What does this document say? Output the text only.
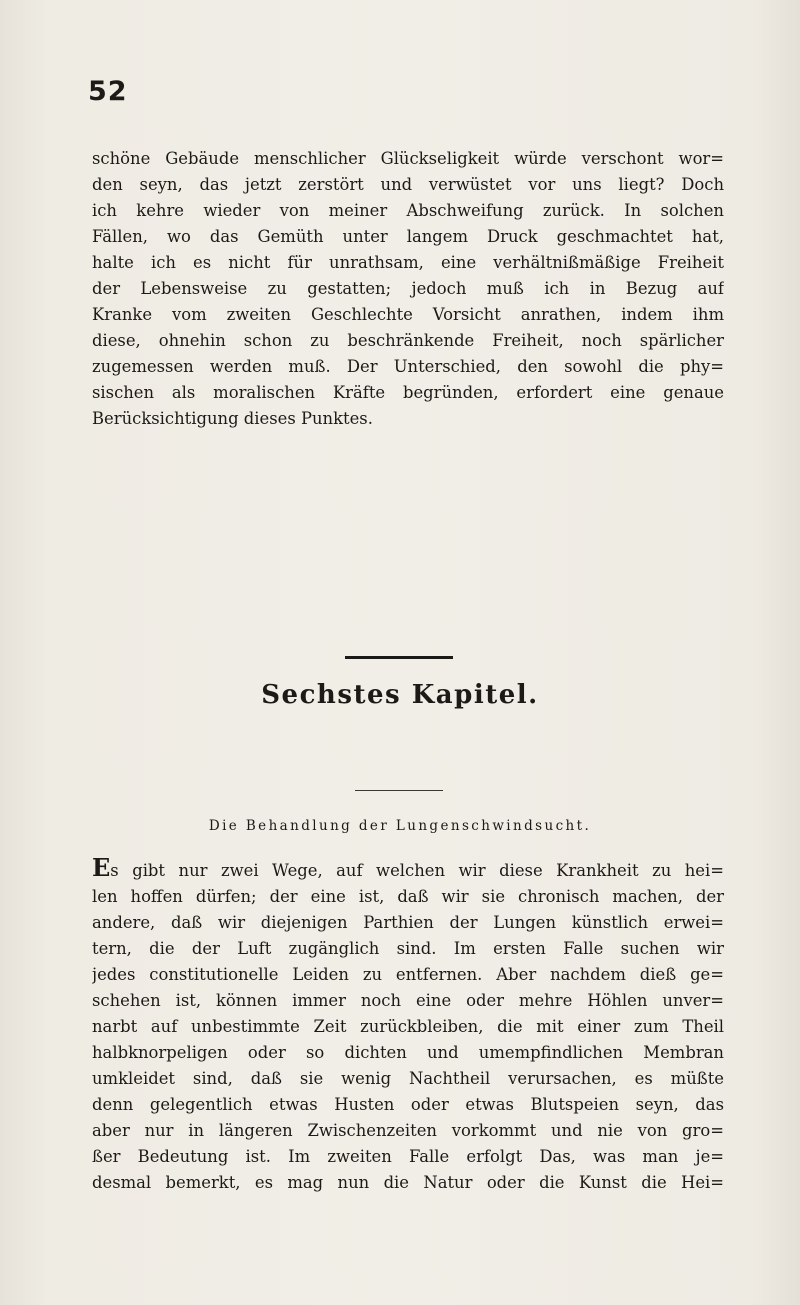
52
schöne Gebäude menschlicher Glückseligkeit würde verschont wor=
den seyn, das jetzt zerstört und verwüstet vor uns liegt? Doch
ich kehre wieder von meiner Abschweifung zurück. In solchen
Fällen, wo das Gemüth unter langem Druck geschmachtet hat,
halte ich es nicht für unrathsam, eine verhältnißmäßige Freiheit
der Lebensweise zu gestatten; jedoch muß ich in Bezug auf
Kranke vom zweiten Geschlechte Vorsicht anrathen, indem ihm
diese, ohnehin schon zu beschränkende Freiheit, noch spärlicher
zugemessen werden muß. Der Unterschied, den sowohl die phy=
sischen als moralischen Kräfte begründen, erfordert eine genaue
Berücksichtigung dieses Punktes.
Sechstes Kapitel.
Die Behandlung der Lungenschwindsucht.
Es gibt nur zwei Wege, auf welchen wir diese Krankheit zu hei=
len hoffen dürfen; der eine ist, daß wir sie chronisch machen, der
andere, daß wir diejenigen Parthien der Lungen künstlich erwei=
tern, die der Luft zugänglich sind. Im ersten Falle suchen wir
jedes constitutionelle Leiden zu entfernen. Aber nachdem dieß ge=
schehen ist, können immer noch eine oder mehre Höhlen unver=
narbt auf unbestimmte Zeit zurückbleiben, die mit einer zum Theil
halbknorpeligen oder so dichten und umempfindlichen Membran
umkleidet sind, daß sie wenig Nachtheil verursachen, es müßte
denn gelegentlich etwas Husten oder etwas Blutspeien seyn, das
aber nur in längeren Zwischenzeiten vorkommt und nie von gro=
ßer Bedeutung ist. Im zweiten Falle erfolgt Das, was man je=
desmal bemerkt, es mag nun die Natur oder die Kunst die Hei=
